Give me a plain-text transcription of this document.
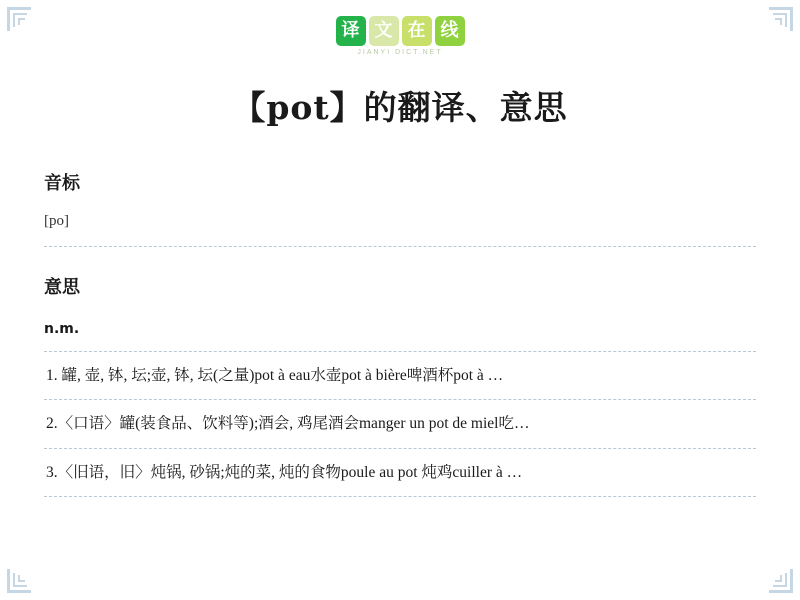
译 文 在 线
JIANYI DICT.NET
【pot】的翻译、意思
音标
[po]
意思
n.m.
1. 罐, 壶, 钵, 坛;壶, 钵, 坛(之量)pot à eau水壶pot à bière啤酒杯pot à …
2.〈口语〉罐(装食品、饮料等);酒会, 鸡尾酒会manger un pot de miel吃…
3.〈旧语，旧〉炖锅, 砂锅;炖的菜, 炖的食物poule au pot 炖鸡cuiller à …
